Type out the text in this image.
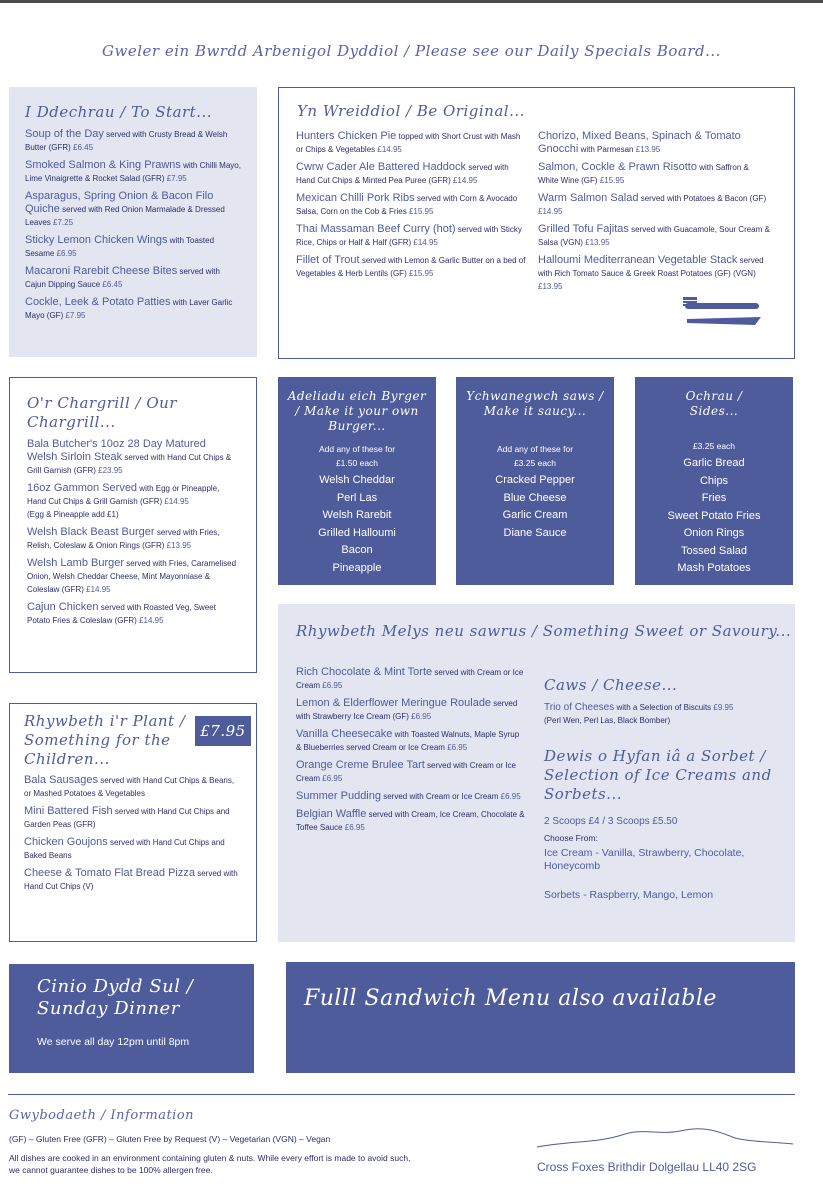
Gweler ein Bwrdd Arbenigol Dyddiol / Please see our Daily Specials Board...
I Ddechrau / To Start...
Soup of the Day served with Crusty Bread & Welsh Butter (GFR) £6.45
Smoked Salmon & King Prawns with Chilli Mayo, Lime Vinaigrette & Rocket Salad (GFR) £7.95
Asparagus, Spring Onion & Bacon Filo Quiche served with Red Onion Marmalade & Dressed Leaves £7.25
Sticky Lemon Chicken Wings with Toasted Sesame £6.95
Macaroni Rarebit Cheese Bites served with Cajun Dipping Sauce £6.45
Cockle, Leek & Potato Patties with Laver Garlic Mayo (GF) £7.95
Yn Wreiddiol / Be Original...
Hunters Chicken Pie topped with Short Crust with Mash or Chips & Vegetables £14.95
Cwrw Cader Ale Battered Haddock served with Hand Cut Chips & Minted Pea Puree (GFR) £14.95
Mexican Chilli Pork Ribs served with Corn & Avocado Salsa, Corn on the Cob & Fries £15.95
Thai Massaman Beef Curry (hot) served with Sticky Rice, Chips or Half & Half (GFR) £14.95
Fillet of Trout served with Lemon & Garlic Butter on a bed of Vegetables & Herb Lentils (GF) £15.95
Chorizo, Mixed Beans, Spinach & Tomato Gnocchi with Parmesan £13.95
Salmon, Cockle & Prawn Risotto with Saffron & White Wine (GF) £15.95
Warm Salmon Salad served with Potatoes & Bacon (GF) £14.95
Grilled Tofu Fajitas served with Guacamole, Sour Cream & Salsa (VGN) £13.95
Halloumi Mediterranean Vegetable Stack served with Rich Tomato Sauce & Greek Roast Potatoes (GF) (VGN) £13.95
O'r Chargrill / Our Chargrill...
Bala Butcher's 10oz 28 Day Matured Welsh Sirloin Steak served with Hand Cut Chips & Grill Garnish (GFR) £23.95
16oz Gammon Served with Egg or Pineapple, Hand Cut Chips & Grill Garnish (GFR) £14.95
(Egg & Pineapple add £1)
Welsh Black Beast Burger served with Fries, Relish, Coleslaw & Onion Rings (GFR) £13.95
Welsh Lamb Burger served with Fries, Caramelised Onion, Welsh Cheddar Cheese, Mint Mayonniase & Coleslaw (GFR) £14.95
Cajun Chicken served with Roasted Veg, Sweet Potato Fries & Coleslaw (GFR) £14.95
Adeliadu eich Byrger / Make it your own Burger...
Add any of these for
£1.50 each
Welsh Cheddar
Perl Las
Welsh Rarebit
Grilled Halloumi
Bacon
Pineapple
Ychwanegwch saws / Make it saucy...
Add any of these for
£3.25 each
Cracked Pepper
Blue Cheese
Garlic Cream
Diane Sauce
Ochrau / Sides...
£3.25 each
Garlic Bread
Chips
Fries
Sweet Potato Fries
Onion Rings
Tossed Salad
Mash Potatoes
Rhywbeth Melys neu sawrus / Something Sweet or Savoury...
Rich Chocolate & Mint Torte served with Cream or Ice Cream £6.95
Lemon & Elderflower Meringue Roulade served with Strawberry Ice Cream (GF) £6.95
Vanilla Cheesecake with Toasted Walnuts, Maple Syrup & Blueberries served Cream or Ice Cream £6.95
Orange Creme Brulee Tart served with Cream or Ice Cream £6.95
Summer Pudding served with Cream or Ice Cream £6.95
Belgian Waffle served with Cream, Ice Cream, Chocolate & Toffee Sauce £6.95
Caws / Cheese...
Trio of Cheeses with a Selection of Biscuits £9.95
(Perl Wen, Perl Las, Black Bomber)
Dewis o Hyfan iâ a Sorbet / Selection of Ice Creams and Sorbets...
2 Scoops £4 / 3 Scoops £5.50
Choose From:
Ice Cream - Vanilla, Strawberry, Chocolate, Honeycomb
Sorbets - Raspberry, Mango, Lemon
Rhywbeth i'r Plant / Something for the Children...
Bala Sausages served with Hand Cut Chips & Beans, or Mashed Potatoes & Vegetables
Mini Battered Fish served with Hand Cut Chips and Garden Peas (GFR)
Chicken Goujons served with Hand Cut Chips and Baked Beans
Cheese & Tomato Flat Bread Pizza served with Hand Cut Chips (V)
£7.95
Cinio Dydd Sul / Sunday Dinner
We serve all day 12pm until 8pm
Fulll Sandwich Menu also available
Gwybodaeth / Information
(GF) – Gluten Free (GFR) – Gluten Free by Request (V) – Vegetarian (VGN) – Vegan
All dishes are cooked in an environment containing gluten & nuts. While every effort is made to avoid such,
we cannot guarantee dishes to be 100% allergen free.	Cross Foxes Brithdir Dolgellau LL40 2SG
